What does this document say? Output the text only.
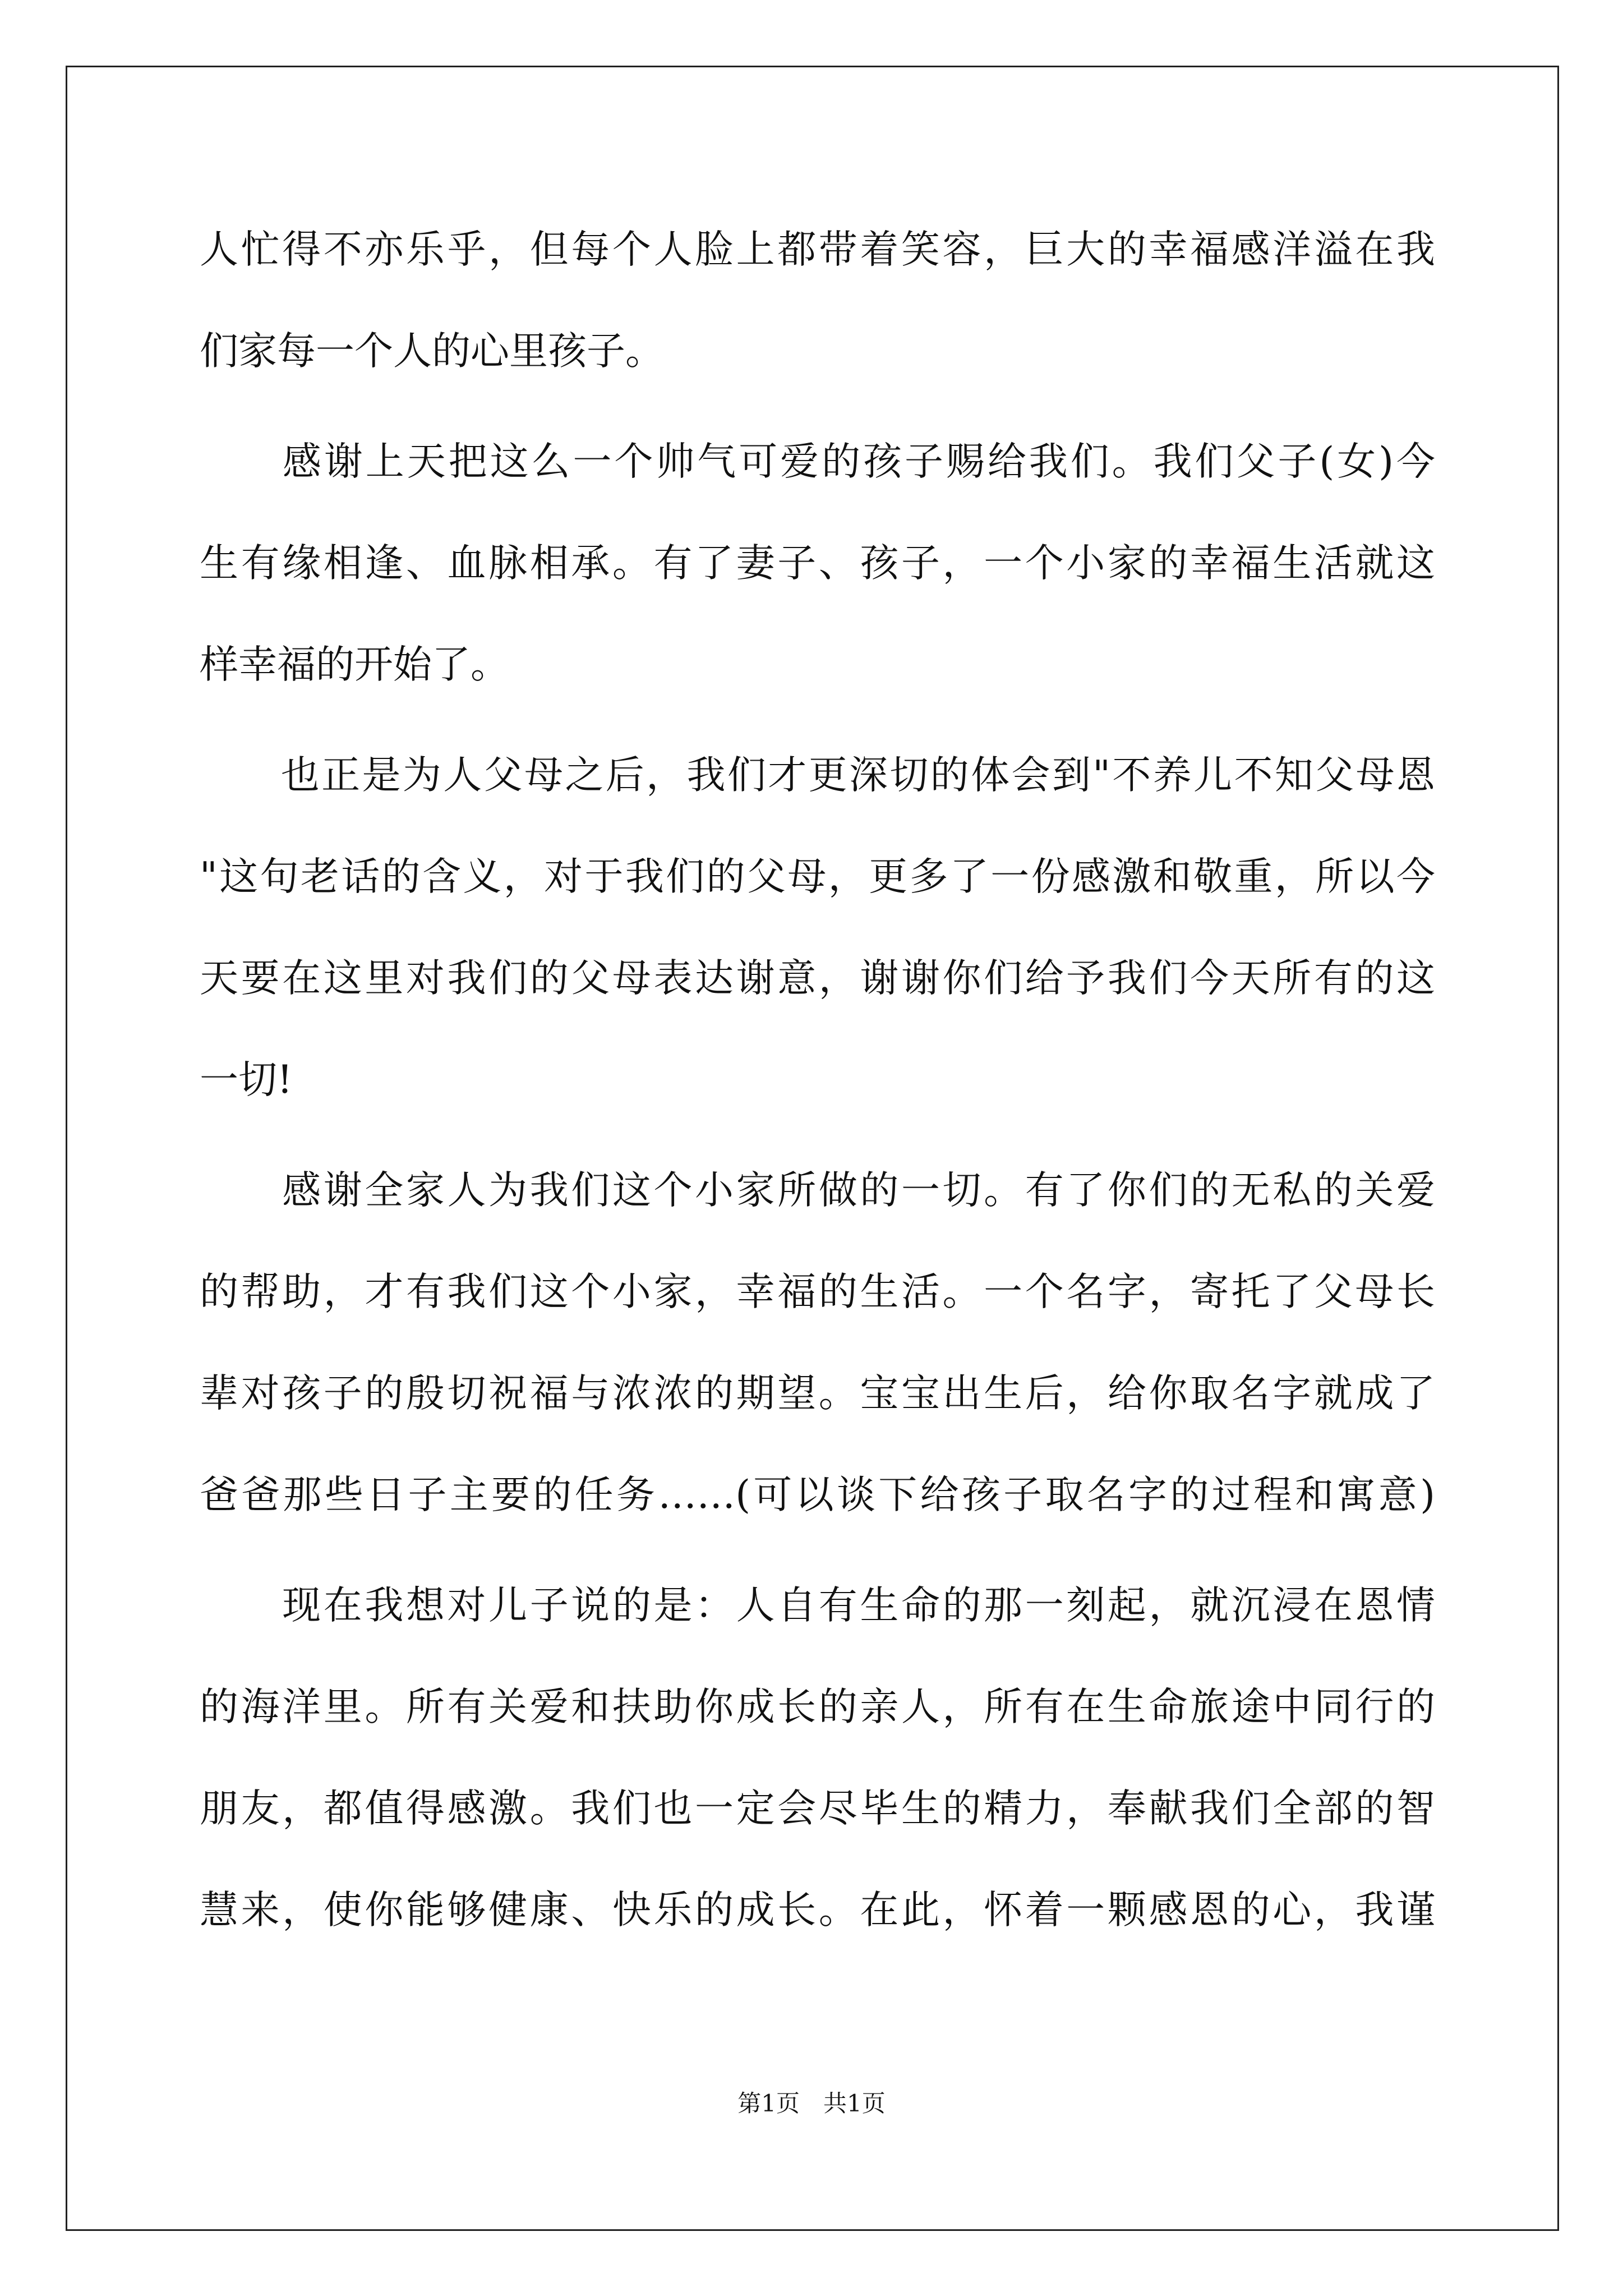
人忙得不亦乐乎，但每个人脸上都带着笑容，巨大的幸福感洋溢在我
们家每一个人的心里孩子。
　　感谢上天把这么一个帅气可爱的孩子赐给我们。我们父子(女)今
生有缘相逢、血脉相承。有了妻子、孩子，一个小家的幸福生活就这
样幸福的开始了。
　　也正是为人父母之后，我们才更深切的体会到"不养儿不知父母恩
"这句老话的含义，对于我们的父母，更多了一份感激和敬重，所以今
天要在这里对我们的父母表达谢意，谢谢你们给予我们今天所有的这
一切!
　　感谢全家人为我们这个小家所做的一切。有了你们的无私的关爱
的帮助，才有我们这个小家，幸福的生活。一个名字，寄托了父母长
辈对孩子的殷切祝福与浓浓的期望。宝宝出生后，给你取名字就成了
爸爸那些日子主要的任务……(可以谈下给孩子取名字的过程和寓意)
　　现在我想对儿子说的是：人自有生命的那一刻起，就沉浸在恩情
的海洋里。所有关爱和扶助你成长的亲人，所有在生命旅途中同行的
朋友，都值得感激。我们也一定会尽毕生的精力，奉献我们全部的智
慧来，使你能够健康、快乐的成长。在此，怀着一颗感恩的心，我谨
第1页　共1页
